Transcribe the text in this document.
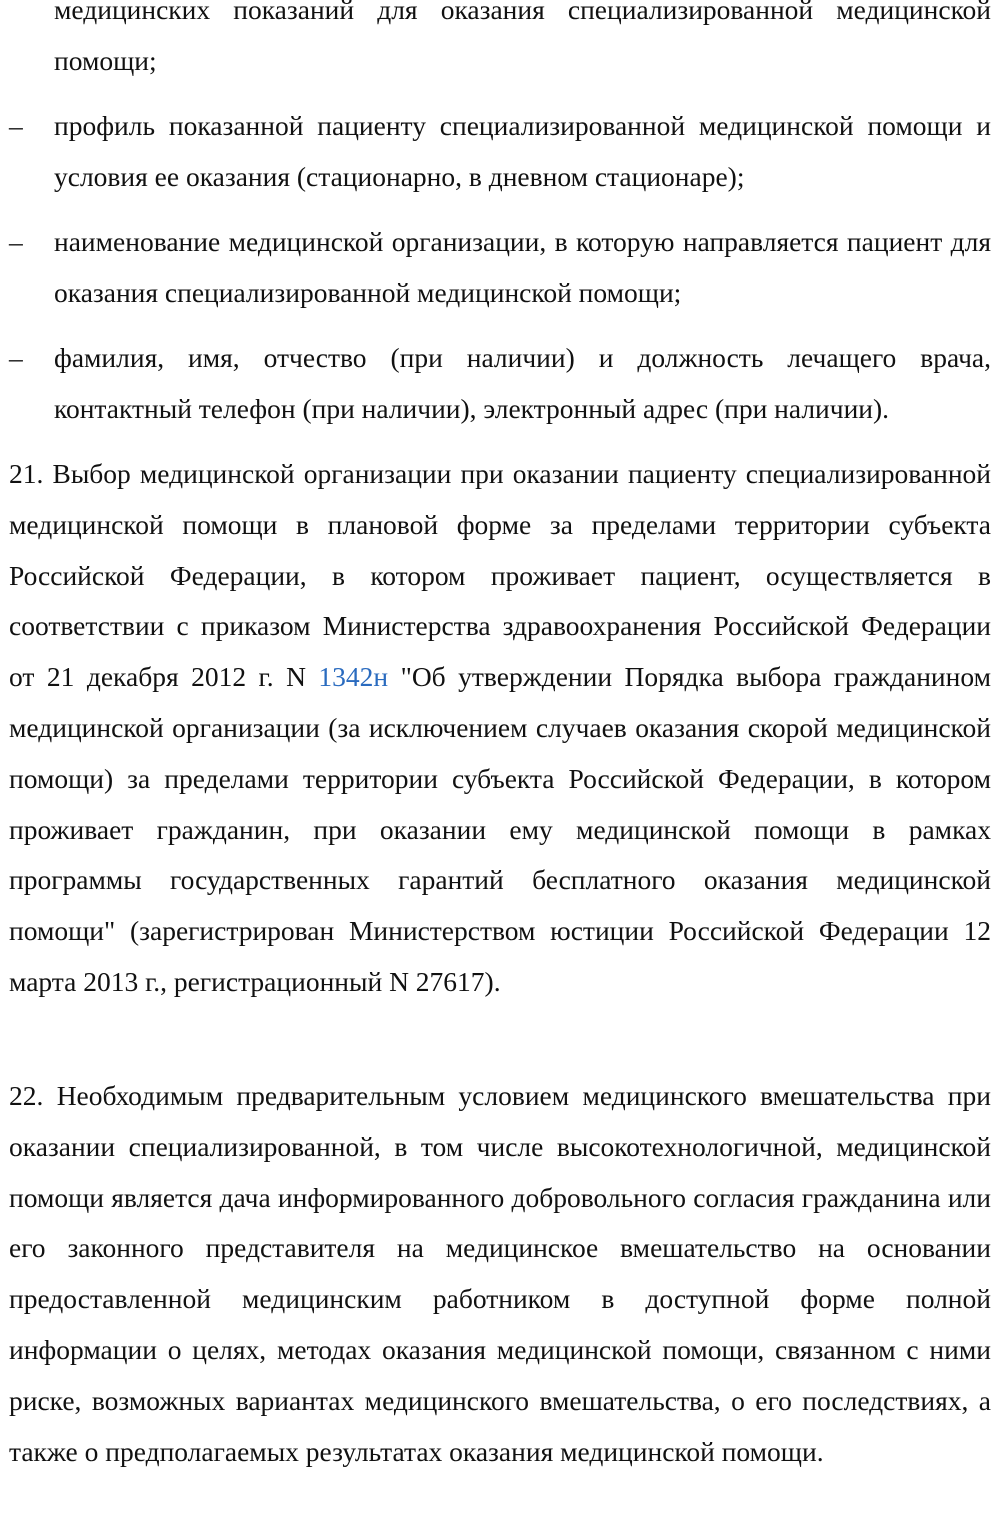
медицинских показаний для оказания специализированной медицинской помощи;
–	профиль показанной пациенту специализированной медицинской помощи и условия ее оказания (стационарно, в дневном стационаре);
–	наименование медицинской организации, в которую направляется пациент для оказания специализированной медицинской помощи;
–	фамилия, имя, отчество (при наличии) и должность лечащего врача, контактный телефон (при наличии), электронный адрес (при наличии).

21. Выбор медицинской организации при оказании пациенту специализированной медицинской помощи в плановой форме за пределами территории субъекта Российской Федерации, в котором проживает пациент, осуществляется в соответствии с приказом Министерства здравоохранения Российской Федерации от 21 декабря 2012 г. N 1342н "Об утверждении Порядка выбора гражданином медицинской организации (за исключением случаев оказания скорой медицинской помощи) за пределами территории субъекта Российской Федерации, в котором проживает гражданин, при оказании ему медицинской помощи в рамках программы государственных гарантий бесплатного оказания медицинской помощи" (зарегистрирован Министерством юстиции Российской Федерации 12 марта 2013 г., регистрационный N 27617).

22. Необходимым предварительным условием медицинского вмешательства при оказании специализированной, в том числе высокотехнологичной, медицинской помощи является дача информированного добровольного согласия гражданина или его законного представителя на медицинское вмешательство на основании предоставленной медицинским работником в доступной форме полной информации о целях, методах оказания медицинской помощи, связанном с ними риске, возможных вариантах медицинского вмешательства, о его последствиях, а также о предполагаемых результатах оказания медицинской помощи.
